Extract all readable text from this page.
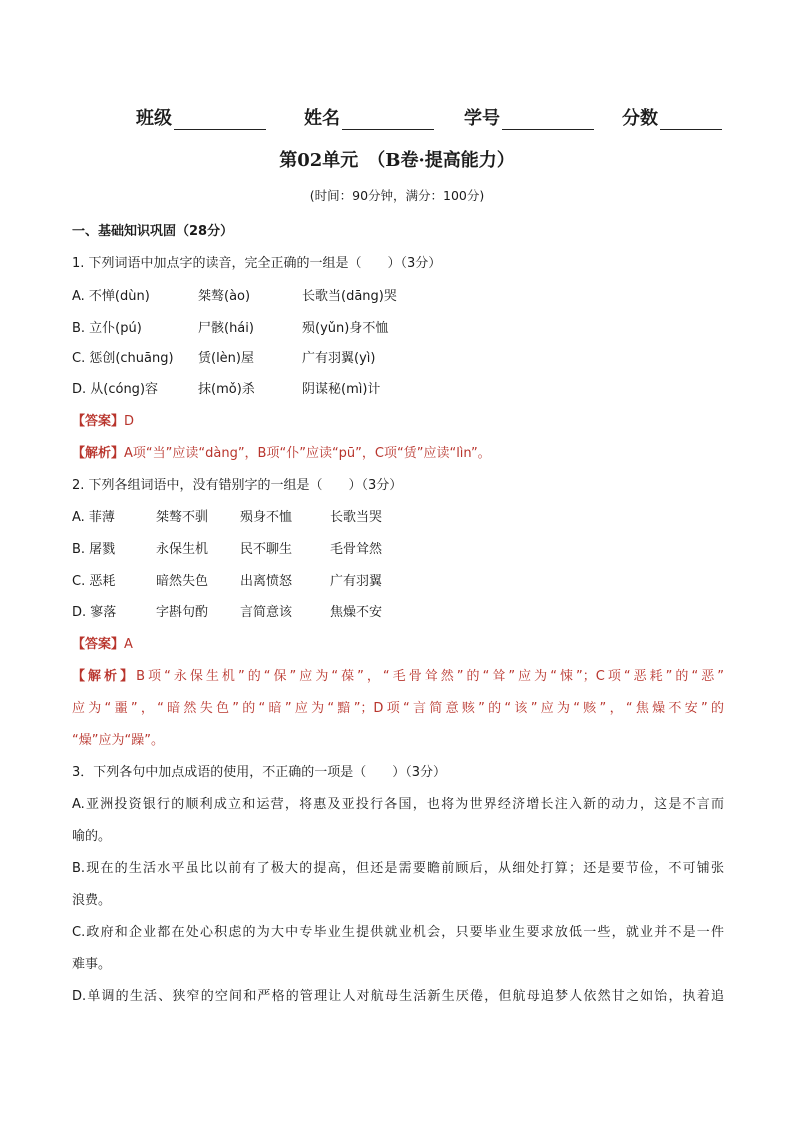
班级	姓名	学号	分数
第02单元　（B卷·提高能力）
(时间：90分钟，满分：100分)
一、基础知识巩固（28分）
1. 下列词语中加点字的读音，完全正确的一组是（　　）（3分）
A. 不惮(dùn)	桀骜(ào)	长歌当(dāng)哭
B. 立仆(pú)	尸骸(hái)	殒(yǔn)身不恤
C. 惩创(chuāng) 赁(lèn)屋	广有羽翼(yì)
D. 从(cóng)容	抹(mǒ)杀	阴谋秘(mì)计
【答案】D
【解析】A项“当”应读“dàng”，B项“仆”应读“pū”，C项“赁”应读“lìn”。
2. 下列各组词语中，没有错别字的一组是（　　）（3分）
A. 菲薄	桀骜不驯 殒身不恤	长歌当哭
B. 屠戮	永保生机 民不聊生	毛骨耸然
C. 恶耗	暗然失色 出离愤怒	广有羽翼
D. 寥落	字斟句酌 言简意该	焦燥不安
【答案】A
【解析】B项“永保生机”的“保”应为“葆”，“毛骨耸然”的“耸”应为“悚”；C项“恶耗”的“恶”
应为“噩”，“暗然失色”的“暗”应为“黯”；D项“言简意赅”的“该”应为“赅”，“焦燥不安”的
“燥”应为“躁”。
3．下列各句中加点成语的使用，不正确的一项是（　　）（3分）
A.亚洲投资银行的顺利成立和运营，将惠及亚投行各国，也将为世界经济增长注入新的动力，这是不言而
喻的。
B.现在的生活水平虽比以前有了极大的提高，但还是需要瞻前顾后，从细处打算；还是要节俭，不可铺张
浪费。
C.政府和企业都在处心积虑的为大中专毕业生提供就业机会，只要毕业生要求放低一些，就业并不是一件
难事。
D.单调的生活、狭窄的空间和严格的管理让人对航母生活新生厌倦，但航母追梦人依然甘之如饴，执着追
